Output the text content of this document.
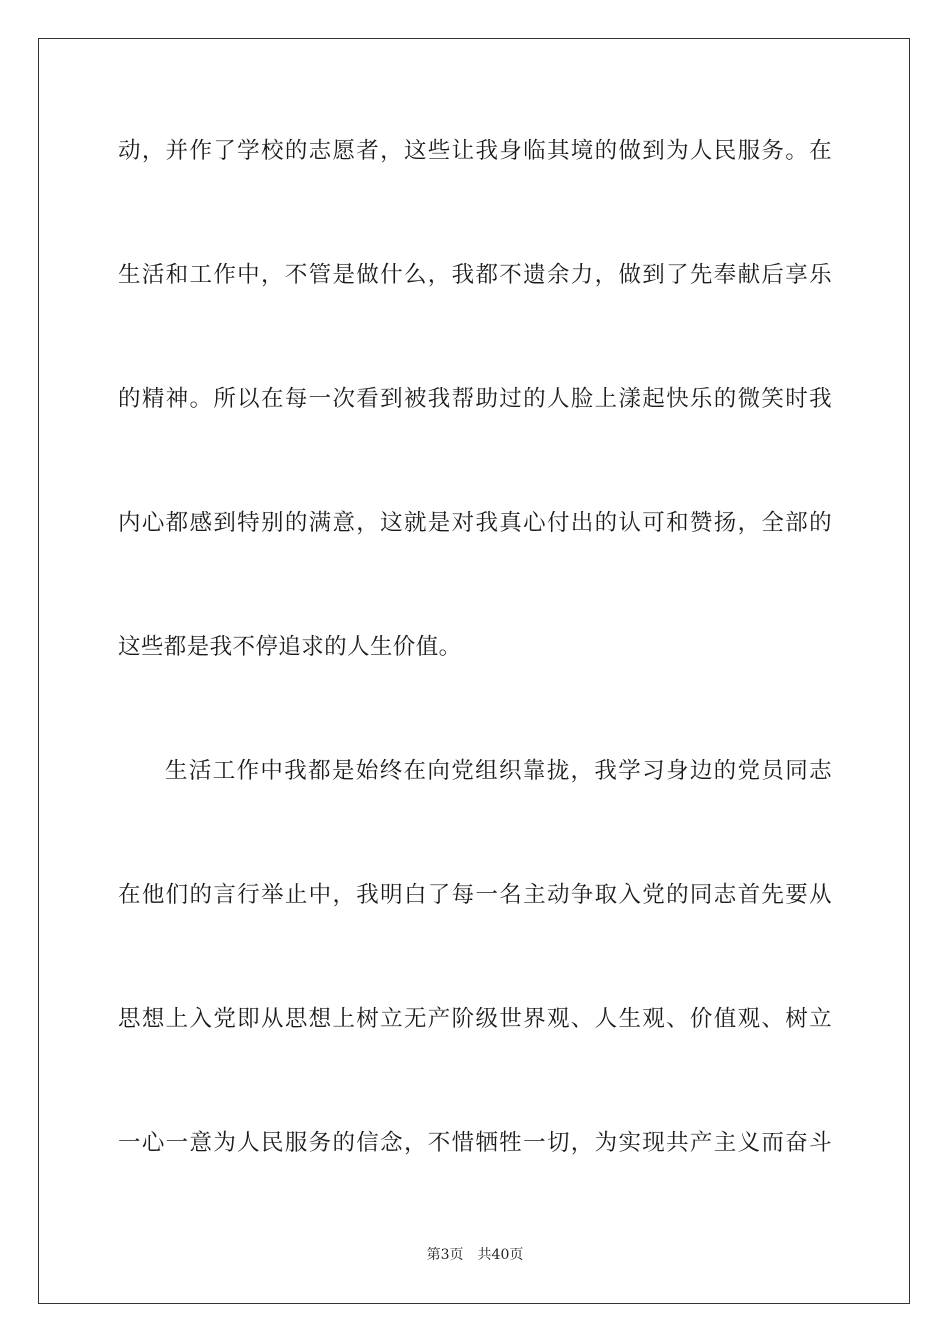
动，并作了学校的志愿者，这些让我身临其境的做到为人民服务。在
生活和工作中，不管是做什么，我都不遗余力，做到了先奉献后享乐
的精神。所以在每一次看到被我帮助过的人脸上漾起快乐的微笑时我
内心都感到特别的满意，这就是对我真心付出的认可和赞扬，全部的
这些都是我不停追求的人生价值。
生活工作中我都是始终在向党组织靠拢，我学习身边的党员同志
在他们的言行举止中，我明白了每一名主动争取入党的同志首先要从
思想上入党即从思想上树立无产阶级世界观、人生观、价值观、树立
一心一意为人民服务的信念，不惜牺牲一切，为实现共产主义而奋斗
第3页 共40页
